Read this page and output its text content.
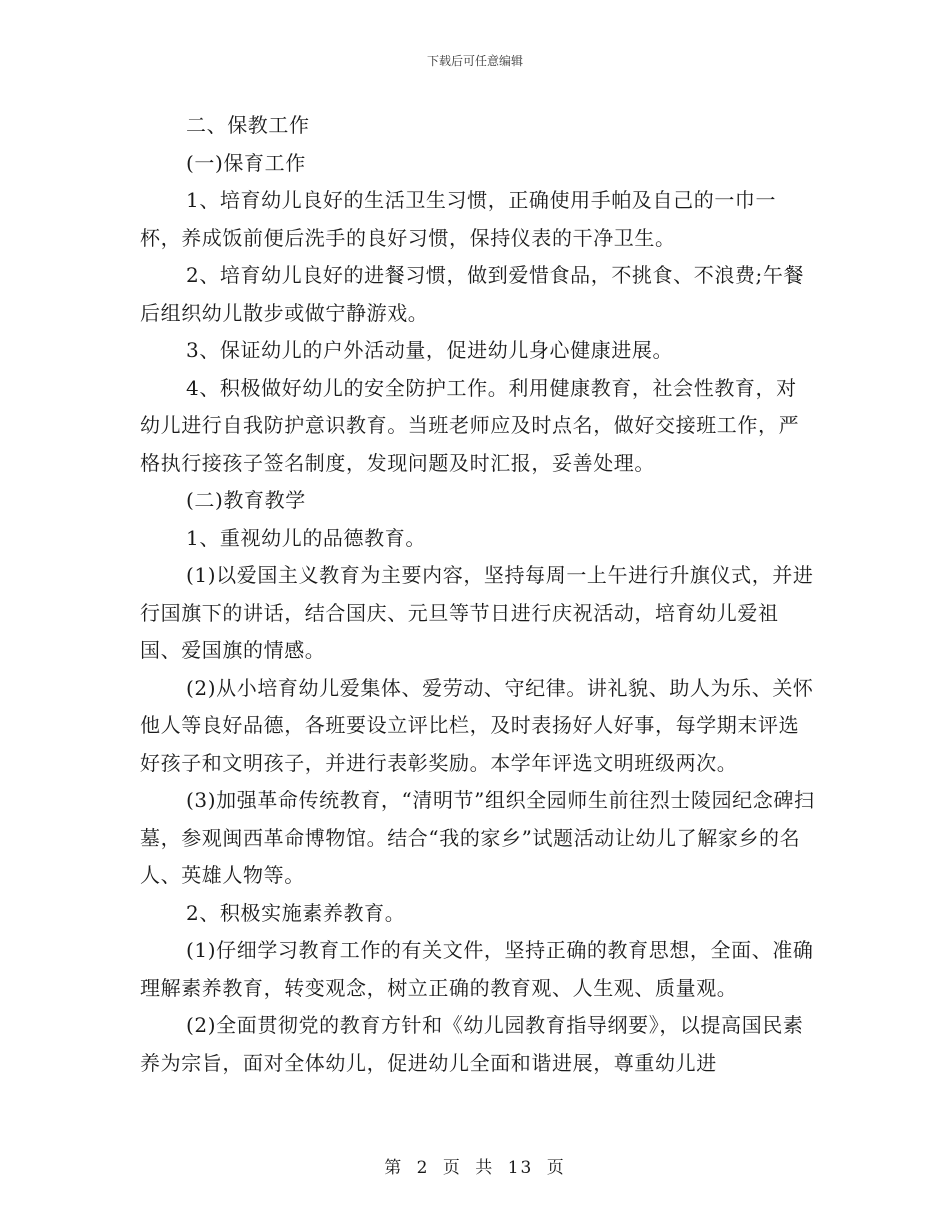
下载后可任意编辑

二、保教工作

(一)保育工作

1、培育幼儿良好的生活卫生习惯，正确使用手帕及自己的一巾一杯，养成饭前便后洗手的良好习惯，保持仪表的干净卫生。

2、培育幼儿良好的进餐习惯，做到爱惜食品，不挑食、不浪费;午餐后组织幼儿散步或做宁静游戏。

3、保证幼儿的户外活动量，促进幼儿身心健康进展。

4、积极做好幼儿的安全防护工作。利用健康教育，社会性教育，对幼儿进行自我防护意识教育。当班老师应及时点名，做好交接班工作，严格执行接孩子签名制度，发现问题及时汇报，妥善处理。

(二)教育教学

1、重视幼儿的品德教育。

(1)以爱国主义教育为主要内容，坚持每周一上午进行升旗仪式，并进行国旗下的讲话，结合国庆、元旦等节日进行庆祝活动，培育幼儿爱祖国、爱国旗的情感。

(2)从小培育幼儿爱集体、爱劳动、守纪律。讲礼貌、助人为乐、关怀他人等良好品德，各班要设立评比栏，及时表扬好人好事，每学期末评选好孩子和文明孩子，并进行表彰奖励。本学年评选文明班级两次。

(3)加强革命传统教育，“清明节”组织全园师生前往烈士陵园纪念碑扫墓，参观闽西革命博物馆。结合“我的家乡”试题活动让幼儿了解家乡的名人、英雄人物等。

2、积极实施素养教育。

(1)仔细学习教育工作的有关文件，坚持正确的教育思想，全面、准确理解素养教育，转变观念，树立正确的教育观、人生观、质量观。

(2)全面贯彻党的教育方针和《幼儿园教育指导纲要》，以提高国民素养为宗旨，面对全体幼儿，促进幼儿全面和谐进展，尊重幼儿进

第 2 页 共 13 页
